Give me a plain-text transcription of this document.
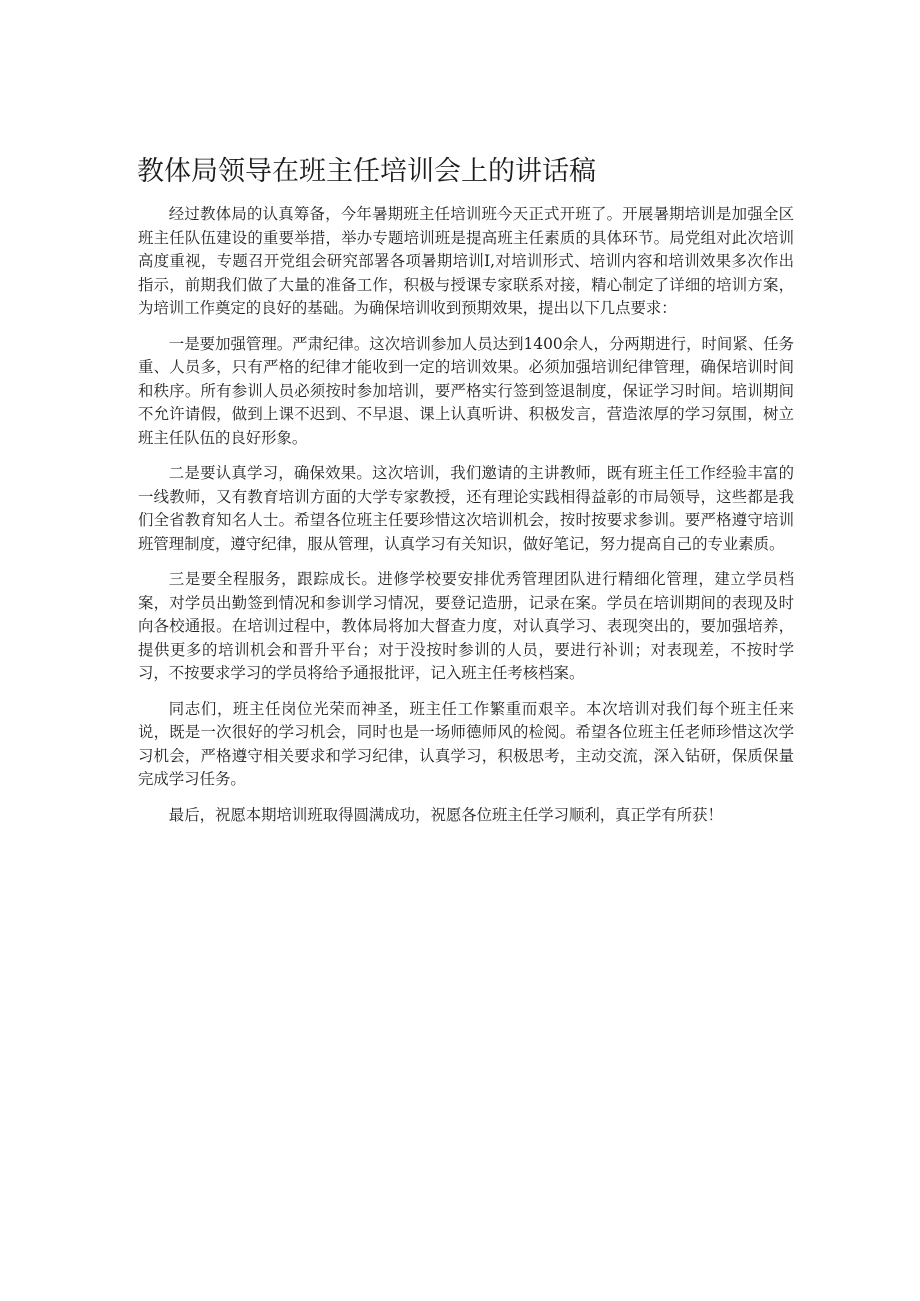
教体局领导在班主任培训会上的讲话稿

经过教体局的认真筹备，今年暑期班主任培训班今天正式开班了。开展暑期培训是加强全区班主任队伍建设的重要举措，举办专题培训班是提高班主任素质的具体环节。局党组对此次培训高度重视，专题召开党组会研究部署各项暑期培训I,对培训形式、培训内容和培训效果多次作出指示，前期我们做了大量的准备工作，积极与授课专家联系对接，精心制定了详细的培训方案，为培训工作奠定的良好的基础。为确保培训收到预期效果，提出以下几点要求：

一是要加强管理。严肃纪律。这次培训参加人员达到1400余人，分两期进行，时间紧、任务重、人员多，只有严格的纪律才能收到一定的培训效果。必须加强培训纪律管理，确保培训时间和秩序。所有参训人员必须按时参加培训，要严格实行签到签退制度，保证学习时间。培训期间不允许请假，做到上课不迟到、不早退、课上认真听讲、积极发言，营造浓厚的学习氛围，树立班主任队伍的良好形象。

二是要认真学习，确保效果。这次培训，我们邀请的主讲教师，既有班主任工作经验丰富的一线教师，又有教育培训方面的大学专家教授，还有理论实践相得益彰的市局领导，这些都是我们全省教育知名人士。希望各位班主任要珍惜这次培训机会，按时按要求参训。要严格遵守培训班管理制度，遵守纪律，服从管理，认真学习有关知识，做好笔记，努力提高自己的专业素质。

三是要全程服务，跟踪成长。进修学校要安排优秀管理团队进行精细化管理，建立学员档案，对学员出勤签到情况和参训学习情况，要登记造册，记录在案。学员在培训期间的表现及时向各校通报。在培训过程中，教体局将加大督查力度，对认真学习、表现突出的，要加强培养，提供更多的培训机会和晋升平台；对于没按时参训的人员，要进行补训；对表现差，不按时学习，不按要求学习的学员将给予通报批评，记入班主任考核档案。

同志们，班主任岗位光荣而神圣，班主任工作繁重而艰辛。本次培训对我们每个班主任来说，既是一次很好的学习机会，同时也是一场师德师风的检阅。希望各位班主任老师珍惜这次学习机会，严格遵守相关要求和学习纪律，认真学习，积极思考，主动交流，深入钻研，保质保量完成学习任务。

最后，祝愿本期培训班取得圆满成功，祝愿各位班主任学习顺利，真正学有所获！
